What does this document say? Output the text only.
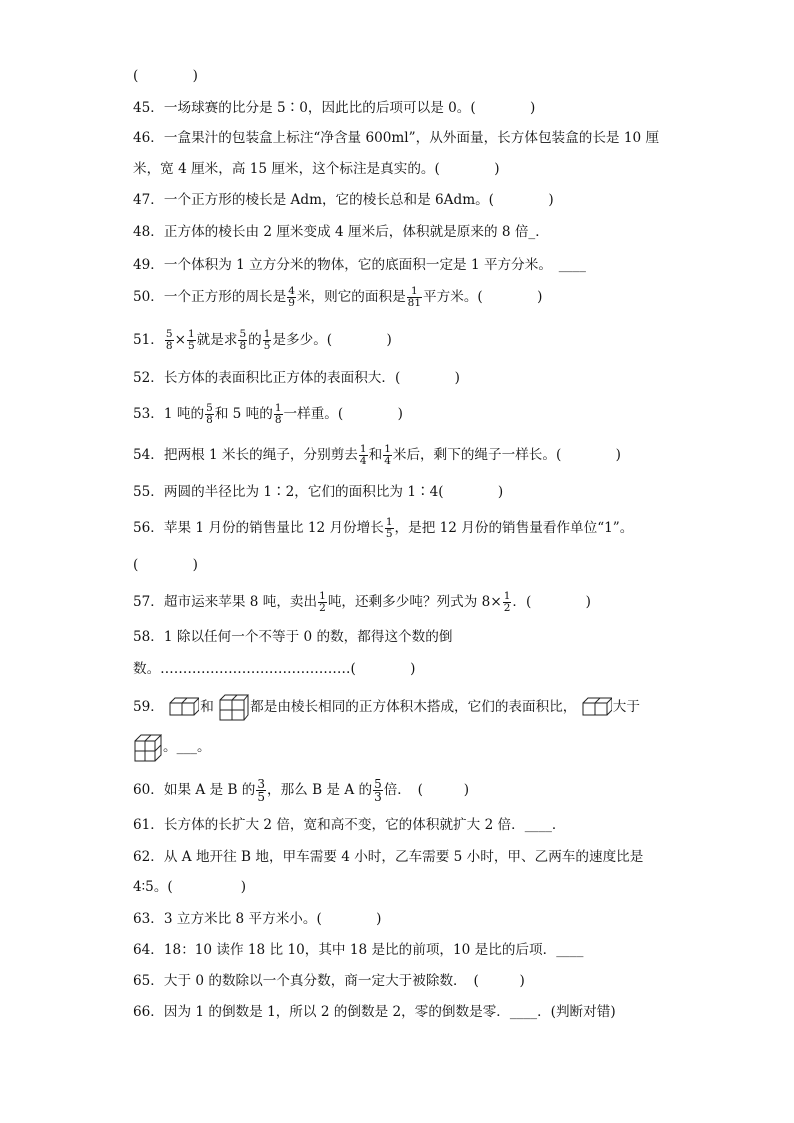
(　　　　)
45．一场球赛的比分是 5∶0，因此比的后项可以是 0。(　　　　)
46．一盒果汁的包装盒上标注“净含量 600ml”，从外面量，长方体包装盒的长是 10 厘
米，宽 4 厘米，高 15 厘米，这个标注是真实的。(　　　　)
47．一个正方形的棱长是 Adm，它的棱长总和是 6Adm。(　　　　)
48．正方体的棱长由 2 厘米变成 4 厘米后，体积就是原来的 8 倍_．
49．一个体积为 1 立方分米的物体，它的底面积一定是 1 平方分米。　____
50．一个正方形的周长是 $\frac{4}{9}$ 米，则它的面积是 $\frac{1}{81}$ 平方米。(　　　　)
51． $\frac{5}{8} \times \frac{1}{5}$ 就是求 $\frac{5}{8}$ 的 $\frac{1}{5}$ 是多少。(　　　　)
52．长方体的表面积比正方体的表面积大．(　　　　)
53．1 吨的 $\frac{5}{8}$ 和 5 吨的 $\frac{1}{8}$ 一样重。(　　　　)
54．把两根 1 米长的绳子，分别剪去 $\frac{1}{4}$ 和 $\frac{1}{4}$ 米后，剩下的绳子一样长。(　　　　)
55．两圆的半径比为 1∶2，它们的面积比为 1∶4(　　　　)
56．苹果 1 月份的销售量比 12 月份增长 $\frac{1}{5}$ ，是把 12 月份的销售量看作单位“1”。
(　　　　)
57．超市运来苹果 8 吨，卖出 $\frac{1}{2}$ 吨，还剩多少吨？列式为 $8\times \frac{1}{2}$ ．(　　　　)
58．1 除以任何一个不等于 0 的数，都得这个数的倒
数。……………………………………(　　　　)
59．	和	都是由棱长相同的正方体积木搭成，它们的表面积比，	大于
。___。
60．如果 A 是 B 的 $\frac{3}{5}$ ，那么 B 是 A 的 $\frac{5}{3}$ 倍．　(　　　)
61．长方体的长扩大 2 倍，宽和高不变，它的体积就扩大 2 倍．____．
62．从 A 地开往 B 地，甲车需要 4 小时，乙车需要 5 小时，甲、乙两车的速度比是
4∶5。(　　　　　)
63．3 立方米比 8 平方米小。(　　　　)
64．18：10 读作 18 比 10，其中 18 是比的前项，10 是比的后项．____
65．大于 0 的数除以一个真分数，商一定大于被除数．　(　　　)
66．因为 1 的倒数是 1，所以 2 的倒数是 2，零的倒数是零．____．(判断对错)
